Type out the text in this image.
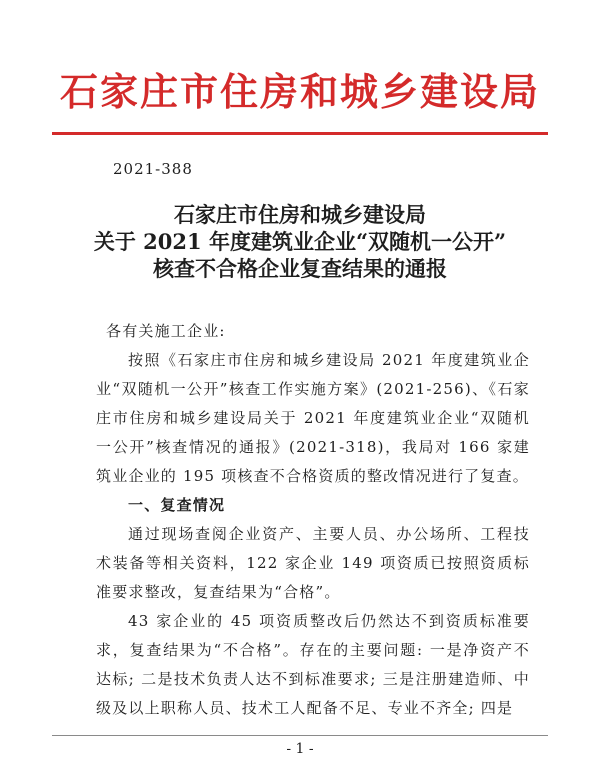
石家庄市住房和城乡建设局
2021-388
石家庄市住房和城乡建设局
关于 2021 年度建筑业企业“双随机一公开”
核查不合格企业复查结果的通报

各有关施工企业:

按照《石家庄市住房和城乡建设局 2021 年度建筑业企业“双随机一公开”核查工作实施方案》(2021-256)、《石家庄市住房和城乡建设局关于 2021 年度建筑业企业“双随机一公开”核查情况的通报》(2021-318)，我局对 166 家建筑业企业的 195 项核查不合格资质的整改情况进行了复查。

一、复查情况

通过现场查阅企业资产、主要人员、办公场所、工程技术装备等相关资料，122 家企业 149 项资质已按照资质标准要求整改，复查结果为“合格”。

43 家企业的 45 项资质整改后仍然达不到资质标准要求，复查结果为“不合格”。存在的主要问题: 一是净资产不达标; 二是技术负责人达不到标准要求; 三是注册建造师、中级及以上职称人员、技术工人配备不足、专业不齐全; 四是

- 1 -
